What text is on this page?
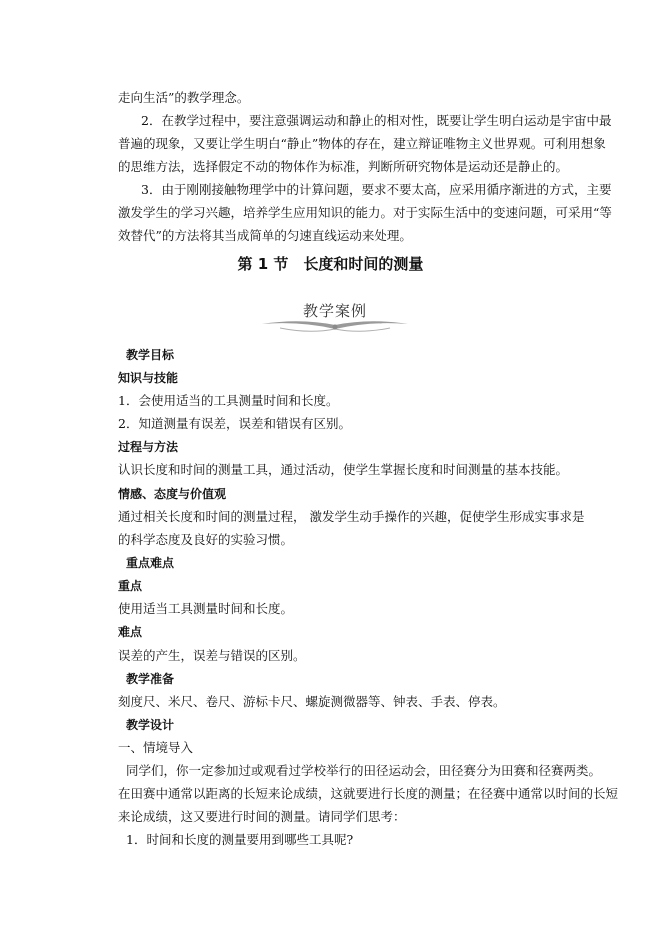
走向生活”的教学理念。
2．在教学过程中，要注意强调运动和静止的相对性，既要让学生明白运动是宇宙中最
普遍的现象，又要让学生明白“静止”物体的存在，建立辩证唯物主义世界观。可利用想象
的思维方法，选择假定不动的物体作为标准，判断所研究物体是运动还是静止的。
3．由于刚刚接触物理学中的计算问题，要求不要太高，应采用循序渐进的方式，主要
激发学生的学习兴趣，培养学生应用知识的能力。对于实际生活中的变速问题，可采用“等
效替代”的方法将其当成简单的匀速直线运动来处理。
第 1 节　长度和时间的测量
教学案例
教学目标
知识与技能
1．会使用适当的工具测量时间和长度。
2．知道测量有误差，误差和错误有区别。
过程与方法
认识长度和时间的测量工具，通过活动，使学生掌握长度和时间测量的基本技能。
情感、态度与价值观
通过相关长度和时间的测量过程， 激发学生动手操作的兴趣，促使学生形成实事求是
的科学态度及良好的实验习惯。
重点难点
重点
使用适当工具测量时间和长度。
难点
误差的产生，误差与错误的区别。
教学准备
刻度尺、米尺、卷尺、游标卡尺、螺旋测微器等、钟表、手表、停表。
教学设计
一、情境导入
同学们，你一定参加过或观看过学校举行的田径运动会，田径赛分为田赛和径赛两类。
在田赛中通常以距离的长短来论成绩，这就要进行长度的测量；在径赛中通常以时间的长短
来论成绩，这又要进行时间的测量。请同学们思考：
1．时间和长度的测量要用到哪些工具呢?
